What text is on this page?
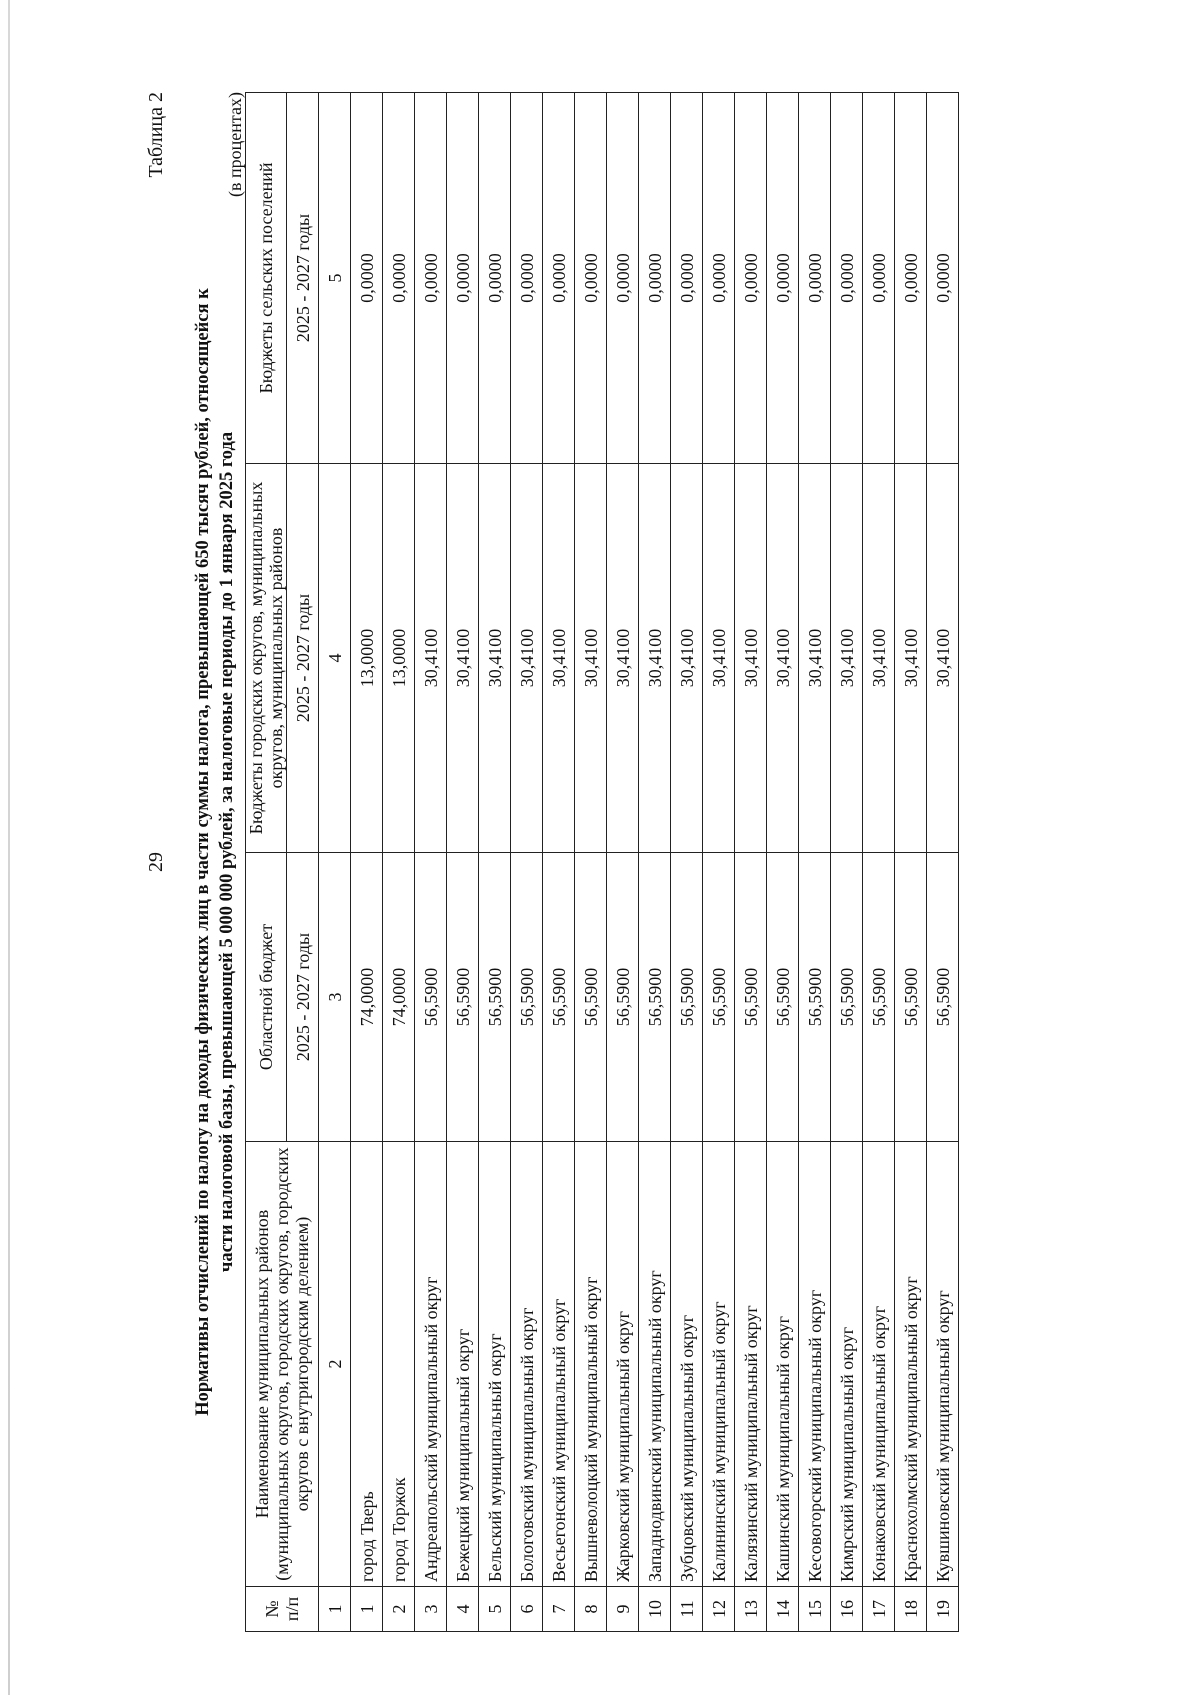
29
Таблица 2
Нормативы отчислений по налогу на доходы физических лиц в части суммы налога, превышающей 650 тысяч рублей, относящейся к части налоговой базы, превышающей 5 000 000 рублей, за налоговые периоды до 1 января 2025 года
(в процентах)
№ п/п	Наименование муниципальных районов (муниципальных округов, городских округов, городских округов с внутригородским делением)	Областной бюджет	Бюджеты городских округов, муниципальных округов, муниципальных районов	Бюджеты сельских поселений
		2025 - 2027 годы	2025 - 2027 годы	2025 - 2027 годы
1	2	3	4	5
1	город Тверь	74,0000	13,0000	0,0000
2	город Торжок	74,0000	13,0000	0,0000
3	Андреапольский муниципальный округ	56,5900	30,4100	0,0000
4	Бежецкий муниципальный округ	56,5900	30,4100	0,0000
5	Бельский муниципальный округ	56,5900	30,4100	0,0000
6	Бологовский муниципальный округ	56,5900	30,4100	0,0000
7	Весьегонский муниципальный округ	56,5900	30,4100	0,0000
8	Вышневолоцкий муниципальный округ	56,5900	30,4100	0,0000
9	Жарковский муниципальный округ	56,5900	30,4100	0,0000
10	Западнодвинский муниципальный округ	56,5900	30,4100	0,0000
11	Зубцовский муниципальный округ	56,5900	30,4100	0,0000
12	Калининский муниципальный округ	56,5900	30,4100	0,0000
13	Калязинский муниципальный округ	56,5900	30,4100	0,0000
14	Кашинский муниципальный округ	56,5900	30,4100	0,0000
15	Кесовогорский муниципальный округ	56,5900	30,4100	0,0000
16	Кимрский муниципальный округ	56,5900	30,4100	0,0000
17	Конаковский муниципальный округ	56,5900	30,4100	0,0000
18	Краснохолмский муниципальный округ	56,5900	30,4100	0,0000
19	Кувшиновский муниципальный округ	56,5900	30,4100	0,0000
